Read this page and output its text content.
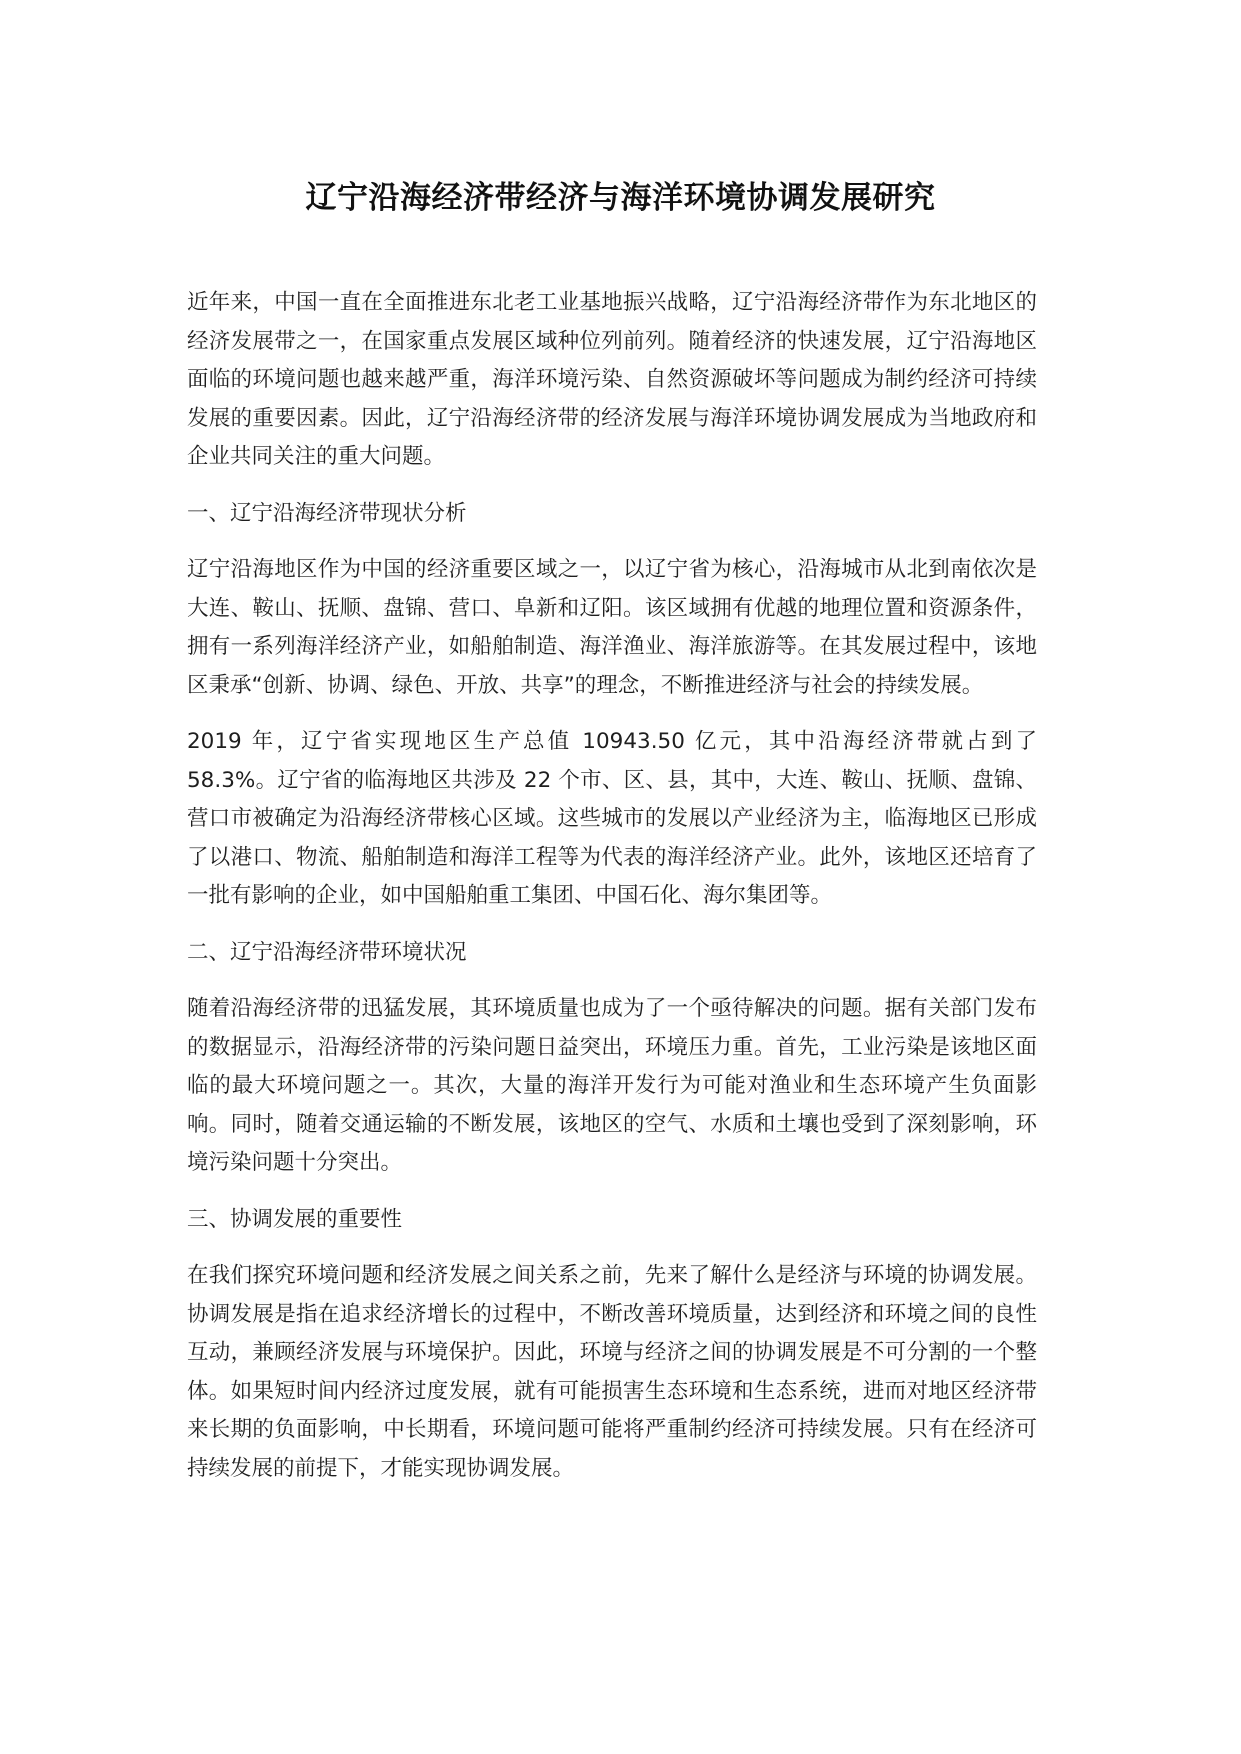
辽宁沿海经济带经济与海洋环境协调发展研究

近年来，中国一直在全面推进东北老工业基地振兴战略，辽宁沿海经济带作为东北地区的经济发展带之一，在国家重点发展区域种位列前列。随着经济的快速发展，辽宁沿海地区面临的环境问题也越来越严重，海洋环境污染、自然资源破坏等问题成为制约经济可持续发展的重要因素。因此，辽宁沿海经济带的经济发展与海洋环境协调发展成为当地政府和企业共同关注的重大问题。

一、辽宁沿海经济带现状分析

辽宁沿海地区作为中国的经济重要区域之一，以辽宁省为核心，沿海城市从北到南依次是大连、鞍山、抚顺、盘锦、营口、阜新和辽阳。该区域拥有优越的地理位置和资源条件，拥有一系列海洋经济产业，如船舶制造、海洋渔业、海洋旅游等。在其发展过程中，该地区秉承“创新、协调、绿色、开放、共享”的理念，不断推进经济与社会的持续发展。

2019 年，辽宁省实现地区生产总值 10943.50 亿元，其中沿海经济带就占到了 58.3%。辽宁省的临海地区共涉及 22 个市、区、县，其中，大连、鞍山、抚顺、盘锦、营口市被确定为沿海经济带核心区域。这些城市的发展以产业经济为主，临海地区已形成了以港口、物流、船舶制造和海洋工程等为代表的海洋经济产业。此外，该地区还培育了一批有影响的企业，如中国船舶重工集团、中国石化、海尔集团等。

二、辽宁沿海经济带环境状况

随着沿海经济带的迅猛发展，其环境质量也成为了一个亟待解决的问题。据有关部门发布的数据显示，沿海经济带的污染问题日益突出，环境压力重。首先，工业污染是该地区面临的最大环境问题之一。其次，大量的海洋开发行为可能对渔业和生态环境产生负面影响。同时，随着交通运输的不断发展，该地区的空气、水质和土壤也受到了深刻影响，环境污染问题十分突出。

三、协调发展的重要性

在我们探究环境问题和经济发展之间关系之前，先来了解什么是经济与环境的协调发展。协调发展是指在追求经济增长的过程中，不断改善环境质量，达到经济和环境之间的良性互动，兼顾经济发展与环境保护。因此，环境与经济之间的协调发展是不可分割的一个整体。如果短时间内经济过度发展，就有可能损害生态环境和生态系统，进而对地区经济带来长期的负面影响，中长期看，环境问题可能将严重制约经济可持续发展。只有在经济可持续发展的前提下，才能实现协调发展。
